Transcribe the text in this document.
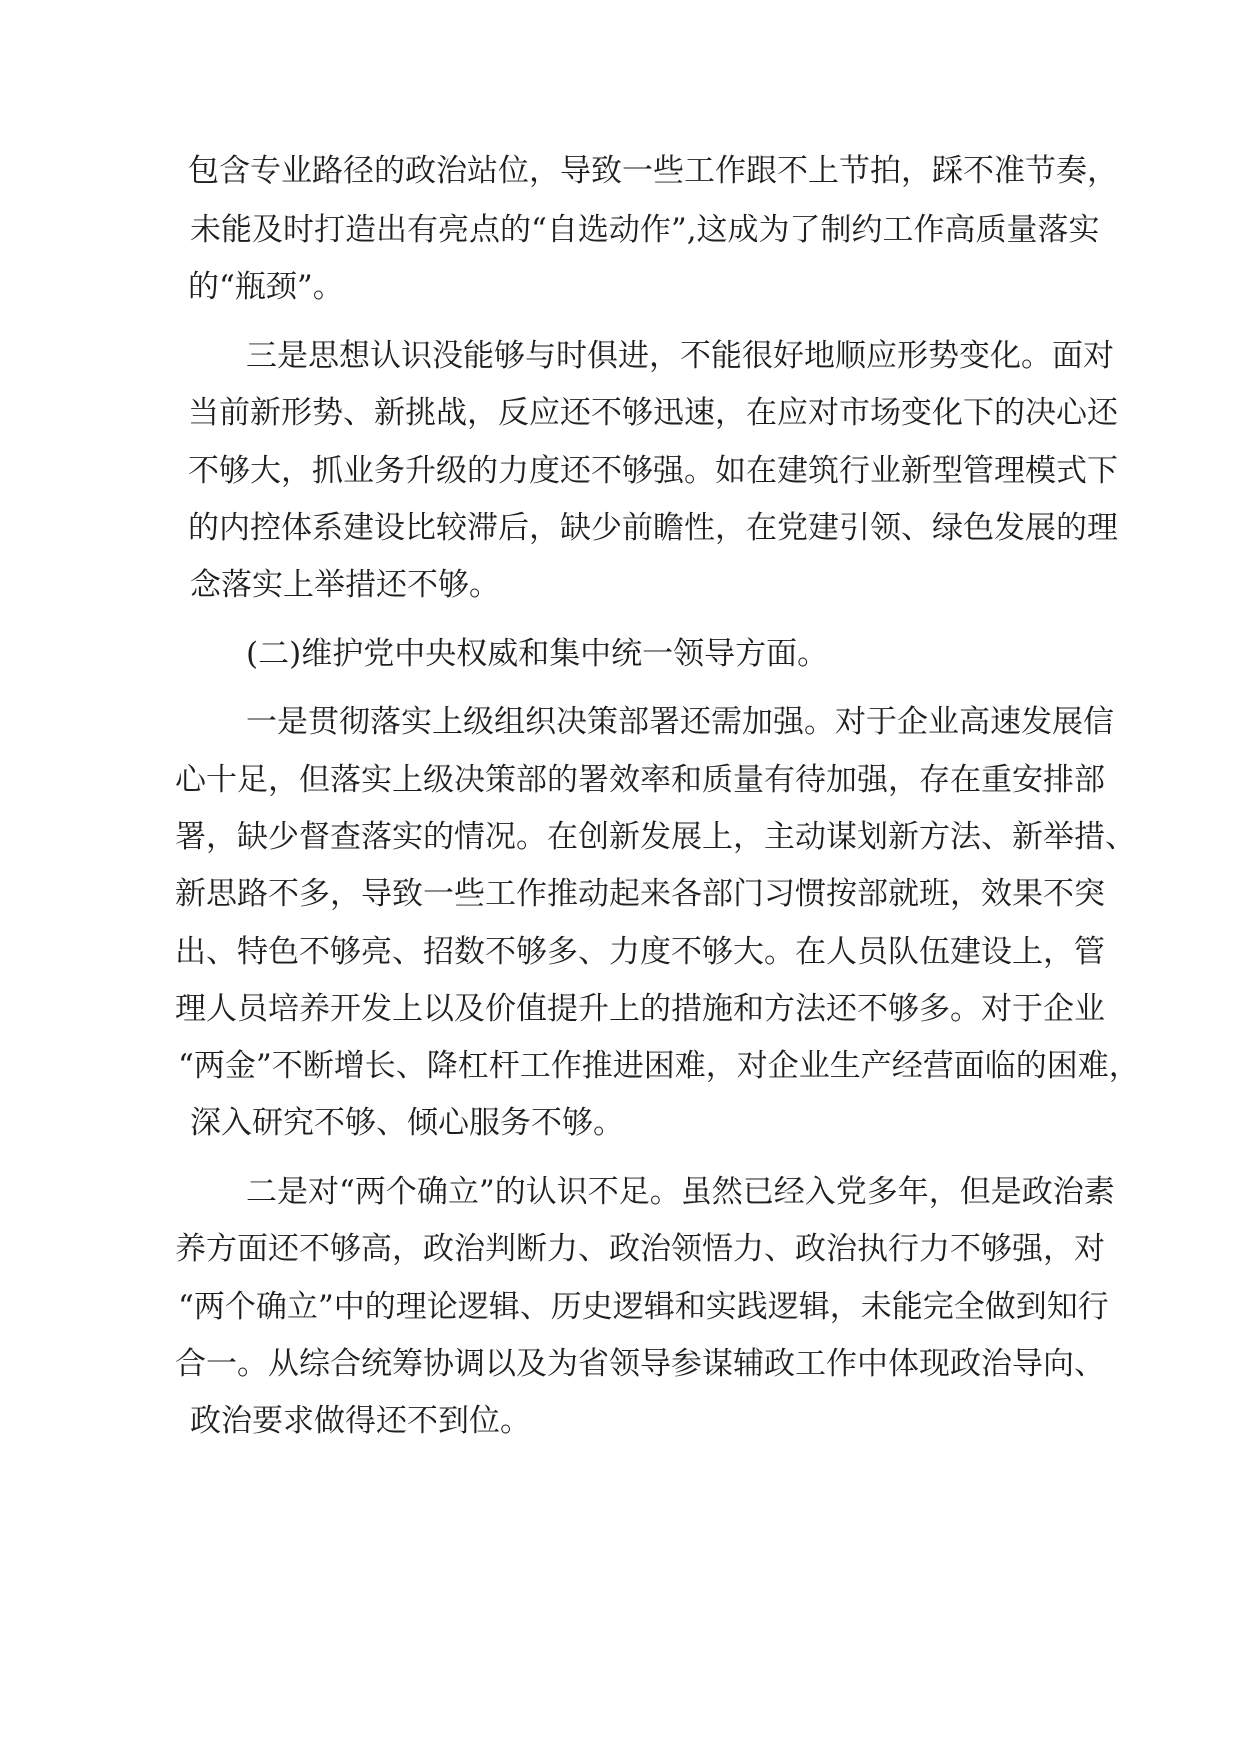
包含专业路径的政治站位，导致一些工作跟不上节拍，踩不准节奏，

未能及时打造出有亮点的“自选动作”,这成为了制约工作高质量落实

的“瓶颈”。

三是思想认识没能够与时俱进，不能很好地顺应形势变化。面对

当前新形势、新挑战，反应还不够迅速，在应对市场变化下的决心还

不够大，抓业务升级的力度还不够强。如在建筑行业新型管理模式下

的内控体系建设比较滞后，缺少前瞻性，在党建引领、绿色发展的理

念落实上举措还不够。

(二)维护党中央权威和集中统一领导方面。

一是贯彻落实上级组织决策部署还需加强。对于企业高速发展信

心十足，但落实上级决策部的署效率和质量有待加强，存在重安排部

署，缺少督查落实的情况。在创新发展上，主动谋划新方法、新举措、

新思路不多，导致一些工作推动起来各部门习惯按部就班，效果不突

出、特色不够亮、招数不够多、力度不够大。在人员队伍建设上，管

理人员培养开发上以及价值提升上的措施和方法还不够多。对于企业

“两金”不断增长、降杠杆工作推进困难，对企业生产经营面临的困难，

深入研究不够、倾心服务不够。

二是对“两个确立”的认识不足。虽然已经入党多年，但是政治素

养方面还不够高，政治判断力、政治领悟力、政治执行力不够强，对

“两个确立”中的理论逻辑、历史逻辑和实践逻辑，未能完全做到知行

合一。从综合统筹协调以及为省领导参谋辅政工作中体现政治导向、

政治要求做得还不到位。
